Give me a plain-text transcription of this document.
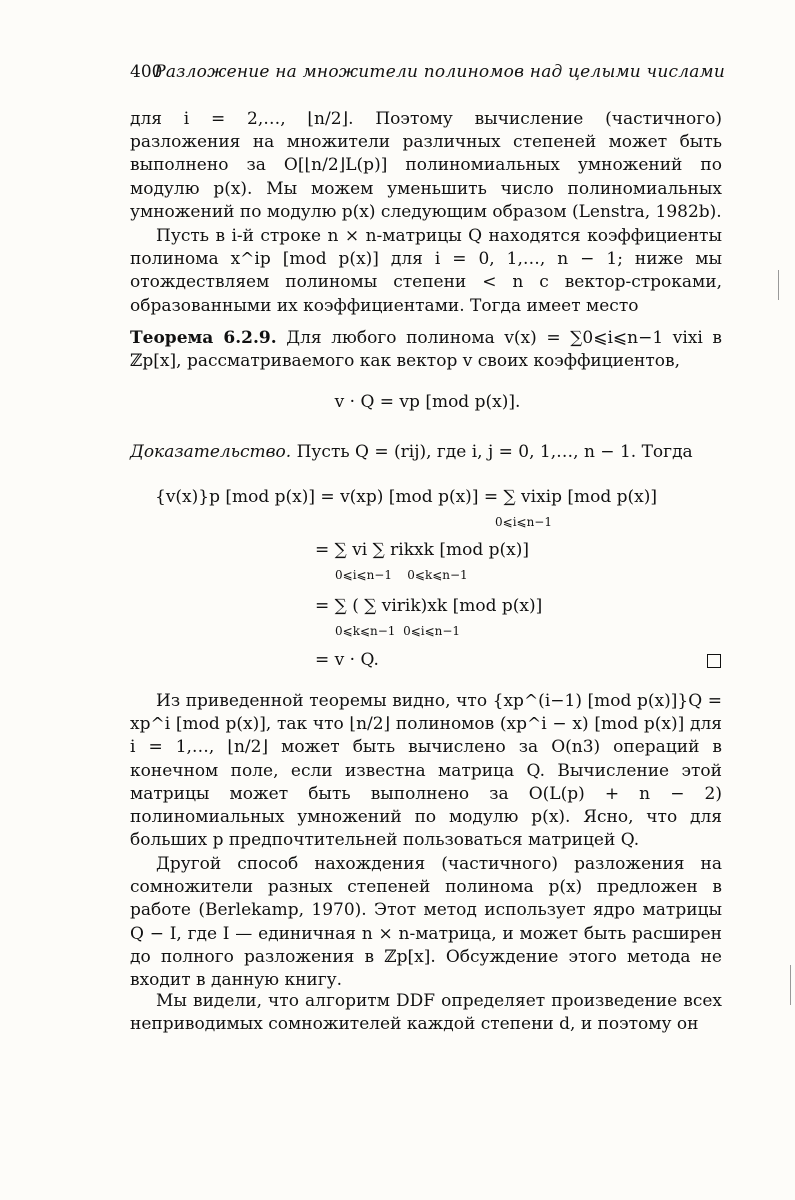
400
Разложение на множители полиномов над целыми числами
для i = 2,…, ⌊n/2⌋. Поэтому вычисление (частичного) разложения на множители различных степеней может быть выполнено за O[⌊n/2⌋L(p)] полиномиальных умножений по модулю p(x). Мы можем уменьшить число полиномиальных умножений по модулю p(x) следующим образом (Lenstra, 1982b).
Пусть в i-й строке n × n-матрицы Q находятся коэффициенты полинома x^ip [mod p(x)] для i = 0, 1,…, n − 1; ниже мы отождествляем полиномы степени < n с вектор-строками, образованными их коэффициентами. Тогда имеет место
Теорема 6.2.9. Для любого полинома v(x) = ∑0⩽i⩽n−1 vixi в ℤp[x], рассматриваемого как вектор v своих коэффициентов,
v · Q = vp [mod p(x)].
Доказательство. Пусть Q = (rij), где i, j = 0, 1,…, n − 1. Тогда
{v(x)}p [mod p(x)] = v(xp) [mod p(x)] = ∑ vixip [mod p(x)]
0⩽i⩽n−1
= ∑ vi ∑ rikxk [mod p(x)]
0⩽i⩽n−1    0⩽k⩽n−1
= ∑ ( ∑ virik)xk [mod p(x)]
0⩽k⩽n−1  0⩽i⩽n−1
= v · Q.
Из приведенной теоремы видно, что {xp^(i−1) [mod p(x)]}Q = xp^i [mod p(x)], так что ⌊n/2⌋ полиномов (xp^i − x) [mod p(x)] для i = 1,…, ⌊n/2⌋ может быть вычислено за O(n3) операций в конечном поле, если известна матрица Q. Вычисление этой матрицы может быть выполнено за O(L(p) + n − 2) полиномиальных умножений по модулю p(x). Ясно, что для больших p предпочтительней пользоваться матрицей Q.
Другой способ нахождения (частичного) разложения на сомножители разных степеней полинома p(x) предложен в работе (Berlekamp, 1970). Этот метод использует ядро матрицы Q − I, где I — единичная n × n-матрица, и может быть расширен до полного разложения в ℤp[x]. Обсуждение этого метода не входит в данную книгу.
Мы видели, что алгоритм DDF определяет произведение всех неприводимых сомножителей каждой степени d, и поэтому он
